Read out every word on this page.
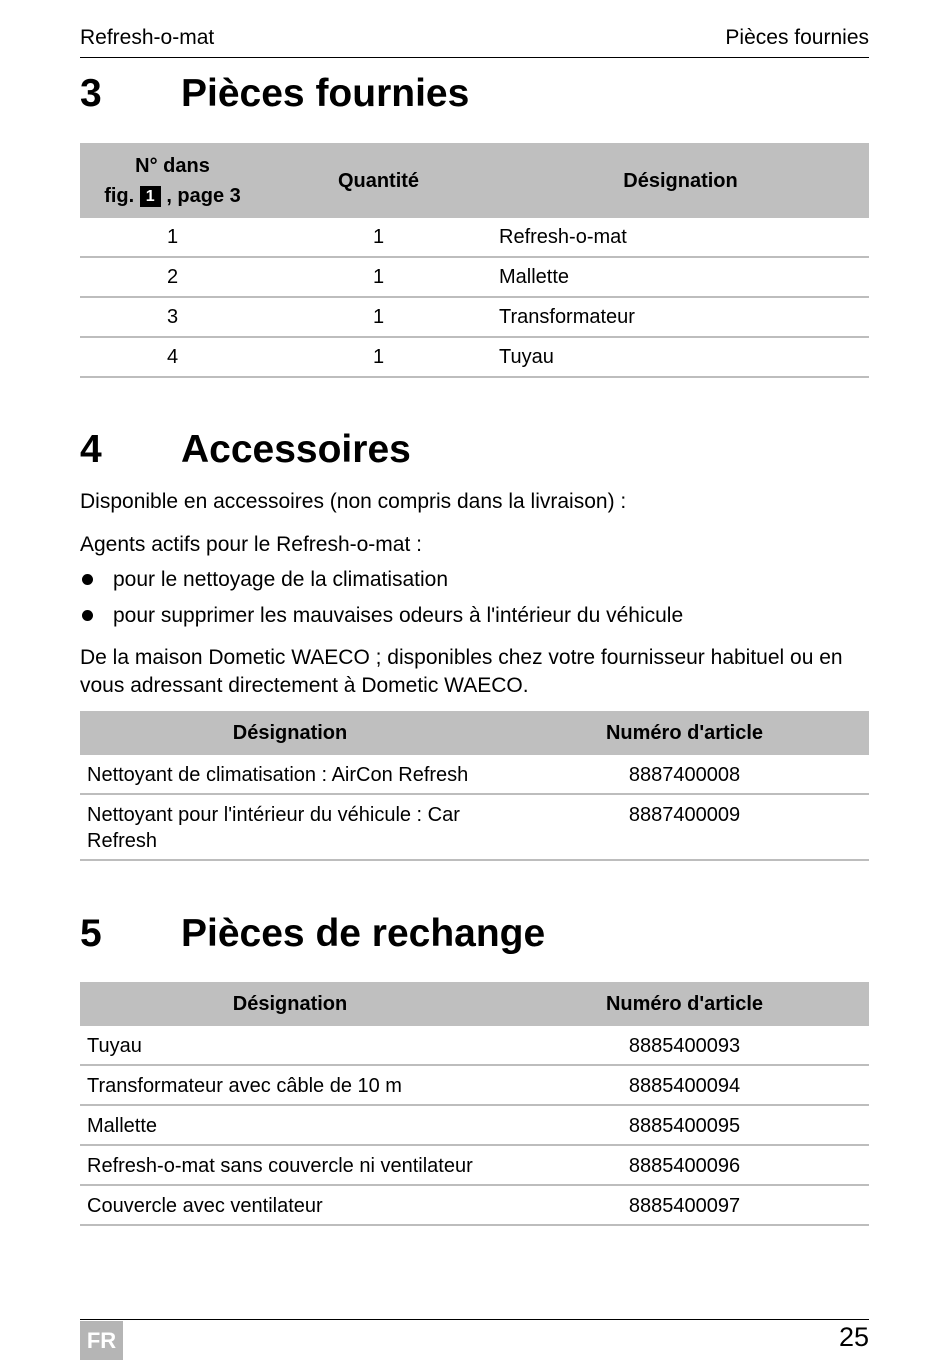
Refresh-o-mat	Pièces fournies
3 Pièces fournies
N° dans
fig. 1 , page 3	Quantité	Désignation
1	1	Refresh-o-mat
2	1	Mallette
3	1	Transformateur
4	1	Tuyau
4 Accessoires
Disponible en accessoires (non compris dans la livraison) :
Agents actifs pour le Refresh-o-mat :
pour le nettoyage de la climatisation
pour supprimer les mauvaises odeurs à l'intérieur du véhicule
De la maison Dometic WAECO ; disponibles chez votre fournisseur habituel ou en vous adressant directement à Dometic WAECO.
Désignation	Numéro d'article
Nettoyant de climatisation : AirCon Refresh	8887400008
Nettoyant pour l'intérieur du véhicule : Car Refresh	8887400009
5 Pièces de rechange
Désignation	Numéro d'article
Tuyau	8885400093
Transformateur avec câble de 10 m	8885400094
Mallette	8885400095
Refresh-o-mat sans couvercle ni ventilateur	8885400096
Couvercle avec ventilateur	8885400097
FR	25
